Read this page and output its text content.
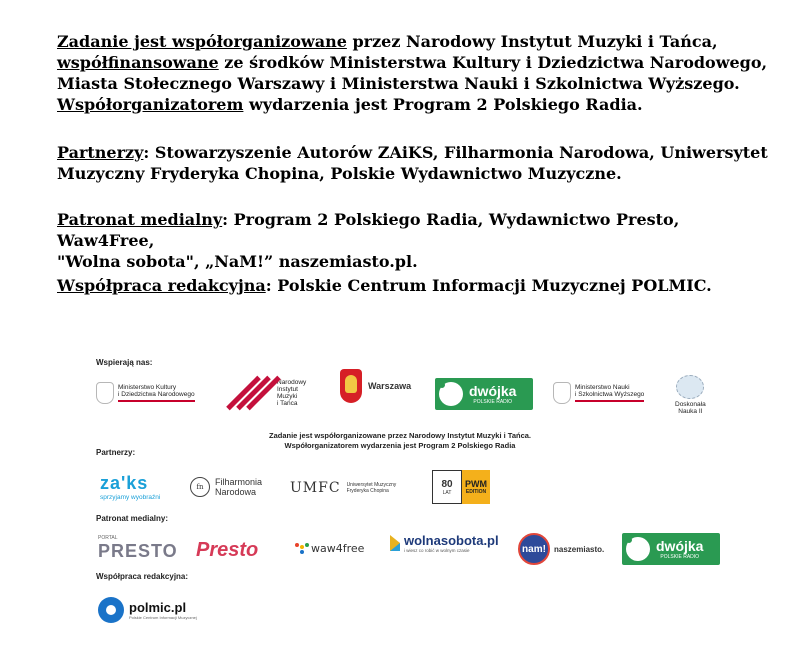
Zadanie jest współorganizowane przez Narodowy Instytut Muzyki i Tańca,
współfinansowane ze środków Ministerstwa Kultury i Dziedzictwa Narodowego,
Miasta Stołecznego Warszawy i Ministerstwa Nauki i Szkolnictwa Wyższego.
Współorganizatorem wydarzenia jest Program 2 Polskiego Radia.

Partnerzy: Stowarzyszenie Autorów ZAiKS, Filharmonia Narodowa, Uniwersytet
Muzyczny Fryderyka Chopina, Polskie Wydawnictwo Muzyczne.

Patronat medialny: Program 2 Polskiego Radia, Wydawnictwo Presto, Waw4Free,
"Wolna sobota", „NaM!” naszemiasto.pl.

Współpraca redakcyjna: Polskie Centrum Informacji Muzycznej POLMIC.

Wspierają nas:
Ministerstwo Kultury
i Dziedzictwa Narodowego
Narodowy
Instytut
Muzyki
i Tańca
Warszawa	dwójka
POLSKIE RADIO
Ministerstwo Nauki
i Szkolnictwa Wyższego
Doskonała
Nauka II
Zadanie jest współorganizowane przez Narodowy Instytut Muzyki i Tańca.
Współorganizatorem wydarzenia jest Program 2 Polskiego Radia
Partnerzy:
za'ks
sprzyjamy wyobraźni
fn	Filharmonia
Narodowa	UMFC Uniwersytet Muzyczny
Fryderyka Chopina
80
LAT
PWM
EDITION
Patronat medialny:
PORTAL
PRESTO Presto	waw4free
wolnasobota.pl
i wiesz co robić w wolnym czasie	nam!	naszemiasto.	dwójka
POLSKIE RADIO
Współpraca redakcyjna:
polmic.pl
Polskie Centrum Informacji Muzycznej
